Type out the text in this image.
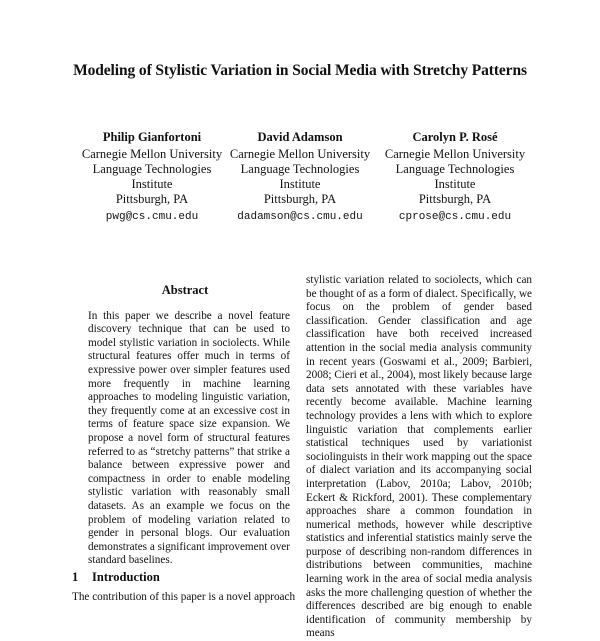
Modeling of Stylistic Variation in Social Media with Stretchy Patterns
Philip Gianfortoni
Carnegie Mellon University
Language Technologies
Institute
Pittsburgh, PA
pwg@cs.cmu.edu
David Adamson
Carnegie Mellon University
Language Technologies
Institute
Pittsburgh, PA
dadamson@cs.cmu.edu
Carolyn P. Rosé
Carnegie Mellon University
Language Technologies
Institute
Pittsburgh, PA
cprose@cs.cmu.edu
Abstract
In this paper we describe a novel feature discovery technique that can be used to model stylistic variation in sociolects. While structural features offer much in terms of expressive power over simpler features used more frequently in machine learning approaches to modeling linguistic variation, they frequently come at an excessive cost in terms of feature space size expansion. We propose a novel form of structural features referred to as “stretchy patterns” that strike a balance between expressive power and compactness in order to enable modeling stylistic variation with reasonably small datasets. As an example we focus on the problem of modeling variation related to gender in personal blogs. Our evaluation demonstrates a significant improvement over standard baselines.
1 Introduction
The contribution of this paper is a novel approach
stylistic variation related to sociolects, which can be thought of as a form of dialect. Specifically, we focus on the problem of gender based classification. Gender classification and age classification have both received increased attention in the social media analysis community in recent years (Goswami et al., 2009; Barbieri, 2008; Cieri et al., 2004), most likely because large data sets annotated with these variables have recently become available. Machine learning technology provides a lens with which to explore linguistic variation that complements earlier statistical techniques used by variationist sociolinguists in their work mapping out the space of dialect variation and its accompanying social interpretation (Labov, 2010a; Labov, 2010b; Eckert & Rickford, 2001). These complementary approaches share a common foundation in numerical methods, however while descriptive statistics and inferential statistics mainly serve the purpose of describing non-random differences in distributions between communities, machine learning work in the area of social media analysis asks the more challenging question of whether the differences described are big enough to enable identification of community membership by means
